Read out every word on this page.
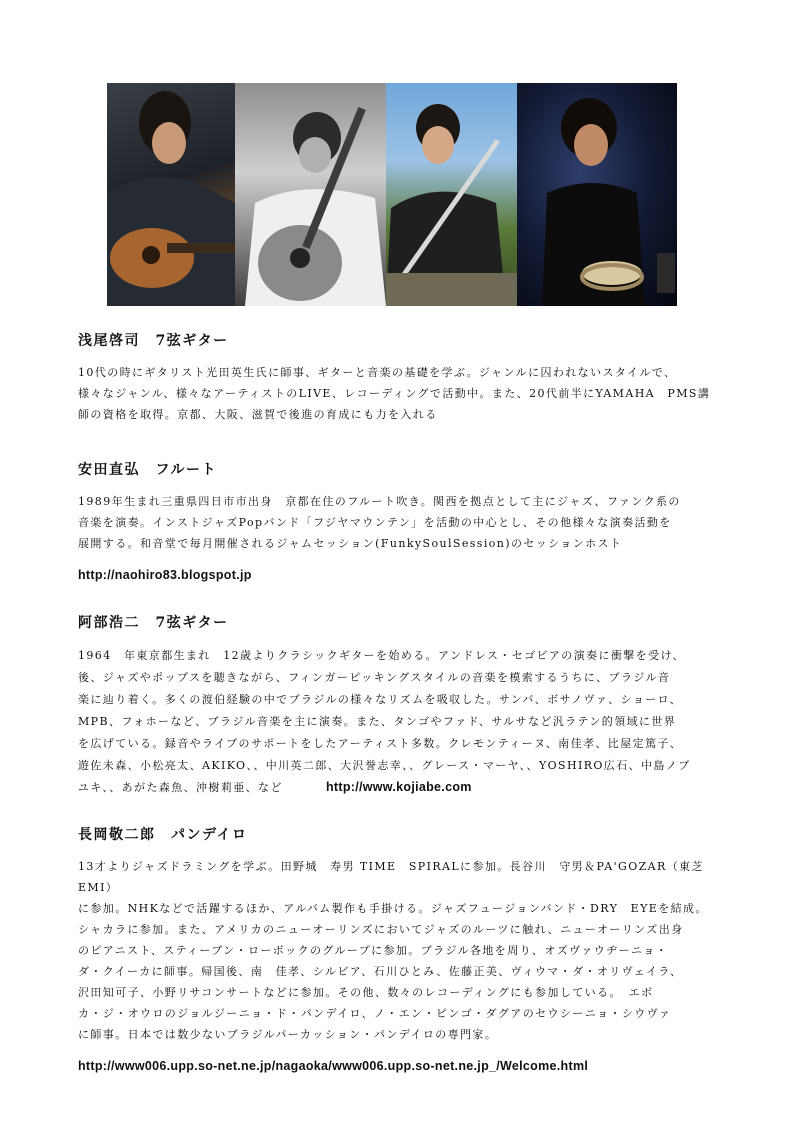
浅尾啓司　7弦ギター

10代の時にギタリスト光田英生氏に師事、ギターと音楽の基礎を学ぶ。ジャンルに囚われないスタイルで、
様々なジャンル、様々なアーティストのLIVE、レコーディングで活動中。また、20代前半にYAMAHA　PMS講
師の資格を取得。京都、大阪、滋賀で後進の育成にも力を入れる

安田直弘　フルート

1989年生まれ三重県四日市市出身　京都在住のフルート吹き。関西を拠点として主にジャズ、ファンク系の
音楽を演奏。インストジャズPopバンド「フジヤマウンテン」を活動の中心とし、その他様々な演奏活動を
展開する。和音堂で毎月開催されるジャムセッション(FunkySoulSession)のセッションホスト

http://naohiro83.blogspot.jp
阿部浩二　7弦ギター

1964　年東京都生まれ　12歳よりクラシックギターを始める。アンドレス・セゴビアの演奏に衝撃を受け、
後、ジャズやポップスを聴きながら、フィンガーピッキングスタイルの音楽を模索するうちに、ブラジル音
楽に辿り着く。多くの渡伯経験の中でブラジルの様々なリズムを吸収した。サンバ、ボサノヴァ、ショーロ、
MPB、フォホーなど、ブラジル音楽を主に演奏。また、タンゴやファド、サルサなど汎ラテン的領域に世界
を広げている。録音やライブのサポートをしたアーティスト多数。クレモンティーヌ、南佳孝、比屋定篤子、
遊佐未森、小松亮太、AKIKO、、中川英二郎、大沢誉志幸、、グレース・マーヤ、、YOSHIRO広石、中島ノブ
ユキ、、あがた森魚、沖樹莉亜、など	http://www.kojiabe.com
長岡敬二郎　パンデイロ

13才よりジャズドラミングを学ぶ。田野城　寿男 TIME　SPIRALに参加。長谷川　守男＆PA'GOZAR（東芝 EMI）
に参加。NHKなどで活躍するほか、アルバム製作も手掛ける。ジャズフュージョンバンド・DRY　EYEを結成。
シャカラに参加。また、アメリカのニューオーリンズにおいてジャズのルーツに触れ、ニューオーリンズ出身
のピアニスト、スティーブン・ローボックのグループに参加。ブラジル各地を周り、オズヴァウヂーニョ・
ダ・クイーカに師事。帰国後、南　佳孝、シルビア、石川ひとみ、佐藤正美、ヴィウマ・ダ・オリヴェイラ、
沢田知可子、小野リサコンサートなどに参加。その他、数々のレコーディングにも参加している。　エボ
カ・ジ・オウロのジョルジーニョ・ド・パンデイロ、ノ・エン・ピンゴ・ダグアのセウシーニョ・シウヴァ
に師事。日本では数少ないブラジルパーカッション・パンデイロの専門家。

http://www006.upp.so-net.ne.jp/nagaoka/www006.upp.so-net.ne.jp_/Welcome.html
